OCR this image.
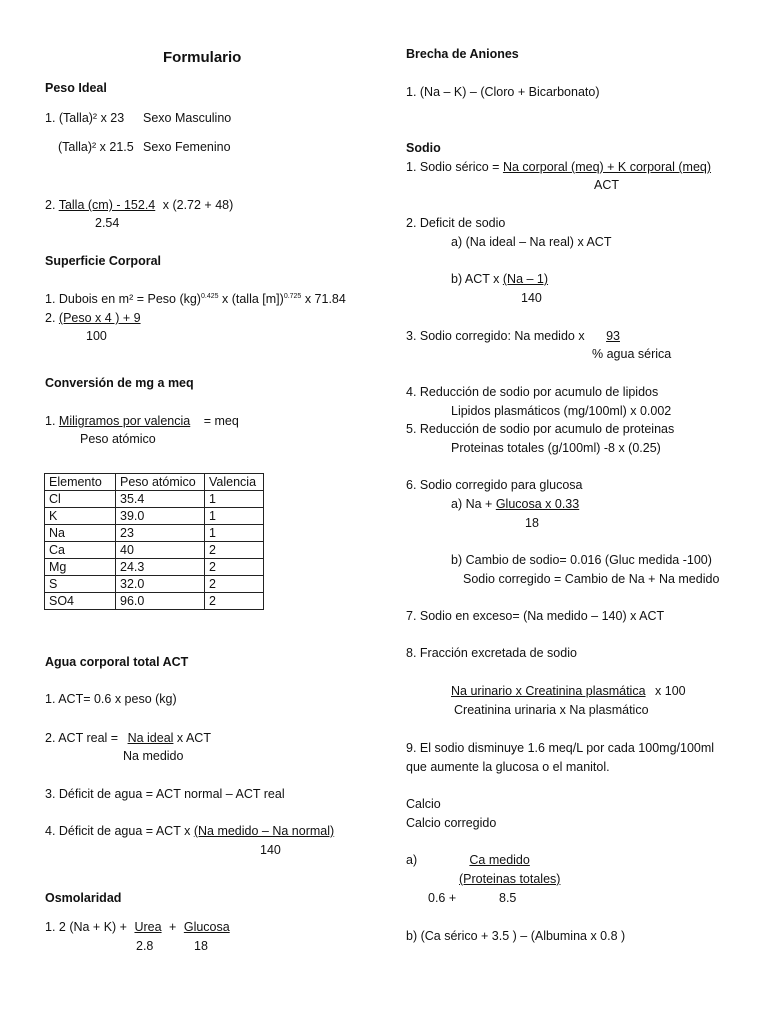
Formulario
Peso Ideal
1. (Talla)² x 23 Sexo Masculino
(Talla)² x 21.5 Sexo Femenino
2. Talla (cm) - 152.4 x (2.72 + 48)
2.54
Superficie Corporal
1. Dubois en m² = Peso (kg)$^{0.425}$ x (talla [m])$^{0.725}$ x 71.84
2. (Peso x 4 ) + 9
100
Conversión de mg a meq
1. Miligramos por valencia = meq
Peso atómico
Elemento	Peso atómico	Valencia
Cl	35.4	1
K	39.0	1
Na	23	1
Ca	40	2
Mg	24.3	2
S	32.0	2
SO4	96.0	2
Agua corporal total ACT
1. ACT= 0.6 x peso (kg)
2. ACT real = Na ideal x ACT
Na medido
3. Déficit de agua = ACT normal – ACT real
4. Déficit de agua = ACT x (Na medido – Na normal)
140
Osmolaridad
1. 2 (Na + K) + Urea + Glucosa
2.8	18
Brecha de Aniones
1. (Na – K) – (Cloro + Bicarbonato)
Sodio
1. Sodio sérico = Na corporal (meq) + K corporal (meq)
ACT
2. Deficit de sodio
a) (Na ideal – Na real) x ACT
b) ACT x (Na – 1)
140
3. Sodio corregido: Na medido x 93
% agua sérica
4. Reducción de sodio por acumulo de lipidos
Lipidos plasmáticos (mg/100ml) x 0.002
5. Reducción de sodio por acumulo de proteinas
Proteinas totales (g/100ml) -8 x (0.25)
6. Sodio corregido para glucosa
a) Na + Glucosa x 0.33
18
b) Cambio de sodio= 0.016 (Gluc medida -100)
Sodio corregido = Cambio de Na + Na medido
7. Sodio en exceso= (Na medido – 140) x ACT
8. Fracción excretada de sodio
Na urinario x Creatinina plasmática x 100
Creatinina urinaria x Na plasmático
9. El sodio disminuye 1.6 meq/L por cada 100mg/100ml
que aumente la glucosa o el manitol.
Calcio
Calcio corregido
a)	Ca medido
(Proteinas totales)
0.6 +	8.5
b) (Ca sérico + 3.5 ) – (Albumina x 0.8 )
